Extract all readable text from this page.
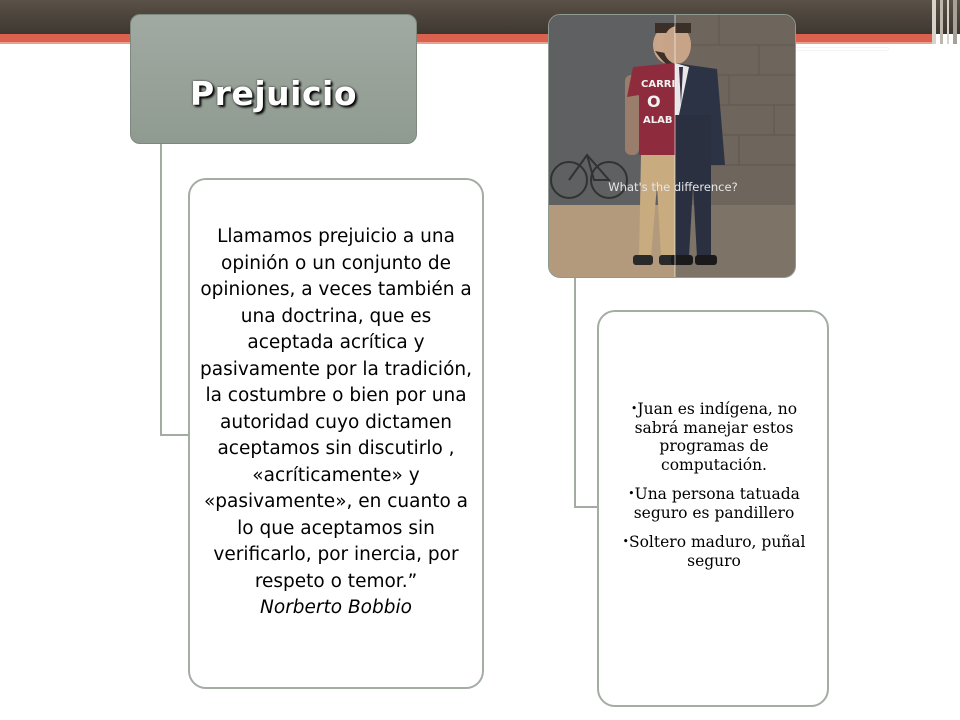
Prejuicio
Llamamos prejuicio a una opinión o un conjunto de opiniones, a veces también a una doctrina, que es aceptada acrítica y pasivamente por la tradición, la costumbre o bien por una autoridad cuyo dictamen aceptamos sin discutirlo , «acríticamente» y «pasivamente», en cuanto a lo que aceptamos sin verificarlo, por inercia, por respeto o temor.”
Norberto Bobbio
CARRI
O
ALAB
What's the difference?
•Juan es indígena, no sabrá manejar estos programas de computación.
•Una persona tatuada seguro es pandillero
•Soltero maduro, puñal seguro
